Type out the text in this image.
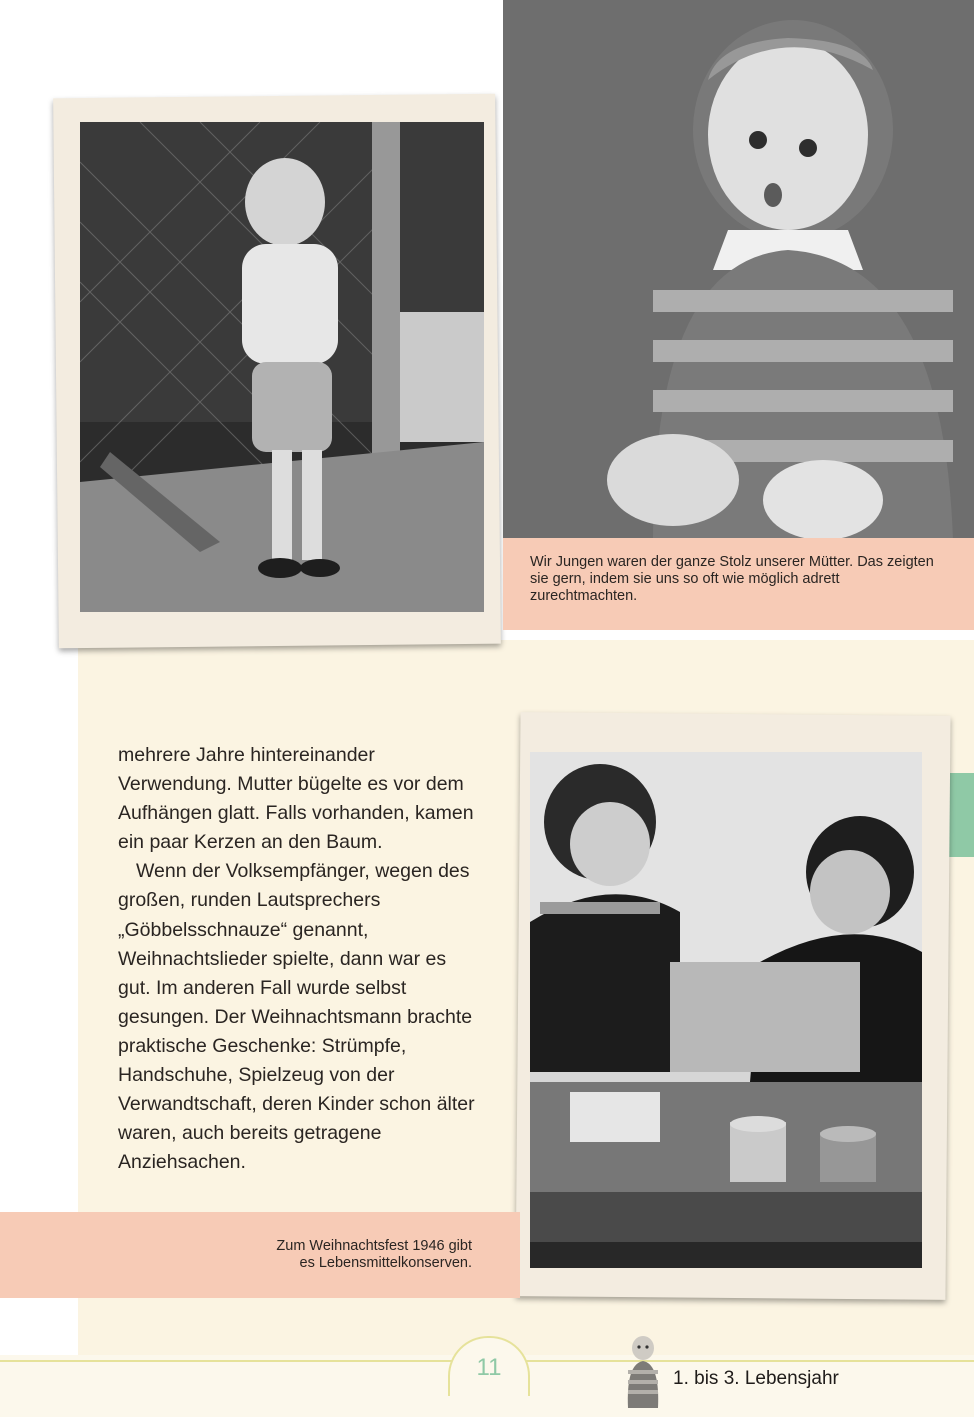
Wir Jungen waren der ganze Stolz unserer Mütter. Das zeigten sie gern, indem sie uns so oft wie möglich adrett zurechtmachten.

mehrere Jahre hintereinander Verwendung. Mutter bügelte es vor dem Aufhängen glatt. Falls vorhanden, kamen ein paar Kerzen an den Baum.

Wenn der Volksempfänger, wegen des großen, runden Lautsprechers „Göbbelsschnauze“ genannt, Weihnachtslieder spielte, dann war es gut. Im anderen Fall wurde selbst gesungen. Der Weihnachtsmann brachte praktische Geschenke: Strümpfe, Handschuhe, Spielzeug von der Verwandtschaft, deren Kinder schon älter waren, auch bereits getragene Anziehsachen.

Zum Weihnachtsfest 1946 gibt
es Lebensmittelkonserven.
11	1. bis 3. Lebensjahr
